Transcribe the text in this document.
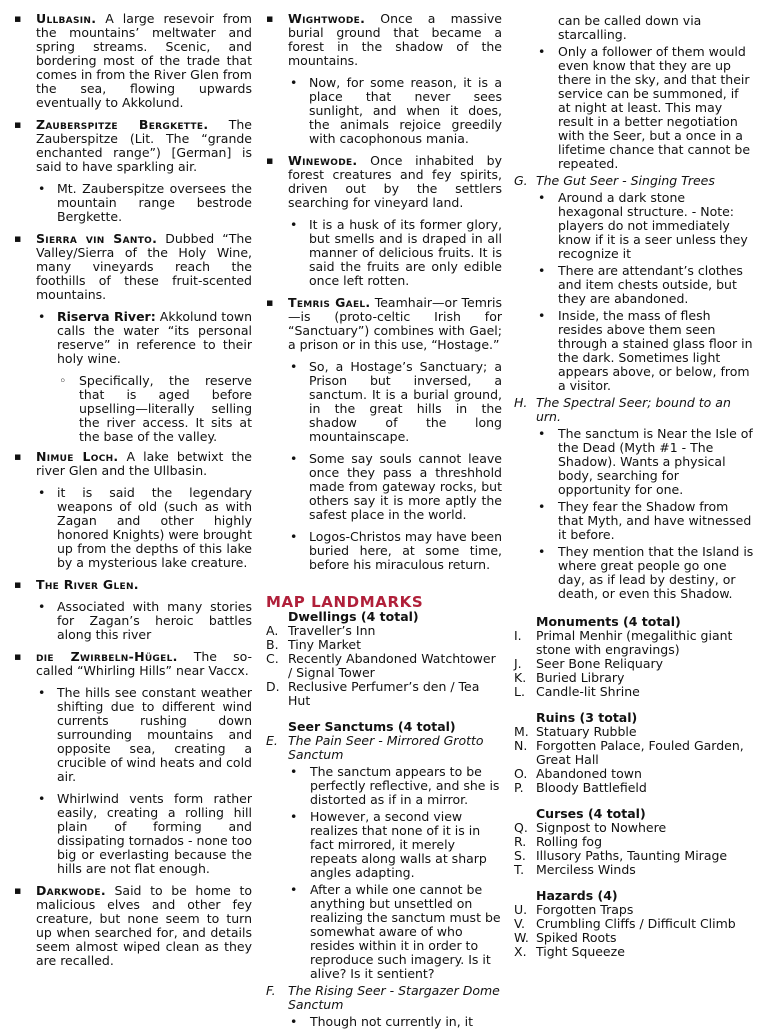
▪ Ullbasin. A large resevoir from the mountains’ meltwater and spring streams. Scenic, and bordering most of the trade that comes in from the River Glen from the sea, flowing upwards eventually to Akkolund.
▪ Zauberspitze Bergkette. The Zauberspitze (Lit. The “grande enchanted range”) [German] is said to have sparkling air.
• Mt. Zauberspitze oversees the mountain range bestrode Bergkette.
▪ Sierra vin Santo. Dubbed “The Valley/Sierra of the Holy Wine, many vineyards reach the foothills of these fruit-scented mountains.
• Riserva River: Akkolund town calls the water “its personal reserve” in reference to their holy wine.
◦ Specifically, the reserve that is aged before upselling—literally selling the river access. It sits at the base of the valley.
▪ Nimue Loch. A lake betwixt the river Glen and the Ullbasin.
• it is said the legendary weapons of old (such as with Zagan and other highly honored Knights) were brought up from the depths of this lake by a mysterious lake creature.
▪ The River Glen.
• Associated with many stories for Zagan’s heroic battles along this river
▪ die Zwirbeln-Hügel. The so-called “Whirling Hills” near Vaccx.
• The hills see constant weather shifting due to different wind currents rushing down surrounding mountains and opposite sea, creating a crucible of wind heats and cold air.
• Whirlwind vents form rather easily, creating a rolling hill plain of forming and dissipating tornados - none too big or everlasting because the hills are not flat enough.
▪ Darkwode. Said to be home to malicious elves and other fey creature, but none seem to turn up when searched for, and details seem almost wiped clean as they are recalled.
▪ Wightwode. Once a massive burial ground that became a forest in the shadow of the mountains.
• Now, for some reason, it is a place that never sees sunlight, and when it does, the animals rejoice greedily with cacophonous mania.
▪ Winewode. Once inhabited by forest creatures and fey spirits, driven out by the settlers searching for vineyard land.
• It is a husk of its former glory, but smells and is draped in all manner of delicious fruits. It is said the fruits are only edible once left rotten.
▪ Temris Gael. Teamhair—or Temris—is (proto-celtic Irish for “Sanctuary”) combines with Gael; a prison or in this use, “Hostage.”
• So, a Hostage’s Sanctuary; a Prison but inversed, a sanctum. It is a burial ground, in the great hills in the shadow of the long mountainscape.
• Some say souls cannot leave once they pass a threshhold made from gateway rocks, but others say it is more aptly the safest place in the world.
• Logos-Christos may have been buried here, at some time, before his miraculous return.
MAP LANDMARKS
Dwellings (4 total)
A. Traveller’s Inn
B. Tiny Market
C. Recently Abandoned Watchtower / Signal Tower
D. Reclusive Perfumer’s den / Tea Hut
Seer Sanctums (4 total)
E. The Pain Seer - Mirrored Grotto Sanctum
• The sanctum appears to be perfectly reflective, and she is distorted as if in a mirror.
• However, a second view realizes that none of it is in fact mirrored, it merely repeats along walls at sharp angles adapting.
• After a while one cannot be anything but unsettled on realizing the sanctum must be somewhat aware of who resides within it in order to reproduce such imagery. Is it alive? Is it sentient?
F. The Rising Seer - Stargazer Dome Sanctum
• Though not currently in, it
can be called down via starcalling.
• Only a follower of them would even know that they are up there in the sky, and that their service can be summoned, if at night at least. This may result in a better negotiation with the Seer, but a once in a lifetime chance that cannot be repeated.
G. The Gut Seer - Singing Trees
• Around a dark stone hexagonal structure. - Note: players do not immediately know if it is a seer unless they recognize it
• There are attendant’s clothes and item chests outside, but they are abandoned.
• Inside, the mass of flesh resides above them seen through a stained glass floor in the dark. Sometimes light appears above, or below, from a visitor.
H. The Spectral Seer; bound to an urn.
• The sanctum is Near the Isle of the Dead (Myth #1 - The Shadow). Wants a physical body, searching for opportunity for one.
• They fear the Shadow from that Myth, and have witnessed it before.
• They mention that the Island is where great people go one day, as if lead by destiny, or death, or even this Shadow.
Monuments (4 total)
I. Primal Menhir (megalithic giant stone with engravings)
J. Seer Bone Reliquary
K. Buried Library
L. Candle-lit Shrine
Ruins (3 total)
M. Statuary Rubble
N. Forgotten Palace, Fouled Garden, Great Hall
O. Abandoned town
P. Bloody Battlefield
Curses (4 total)
Q. Signpost to Nowhere
R. Rolling fog
S. Illusory Paths, Taunting Mirage
T. Merciless Winds
Hazards (4)
U. Forgotten Traps
V. Crumbling Cliffs / Difficult Climb
W. Spiked Roots
X. Tight Squeeze
